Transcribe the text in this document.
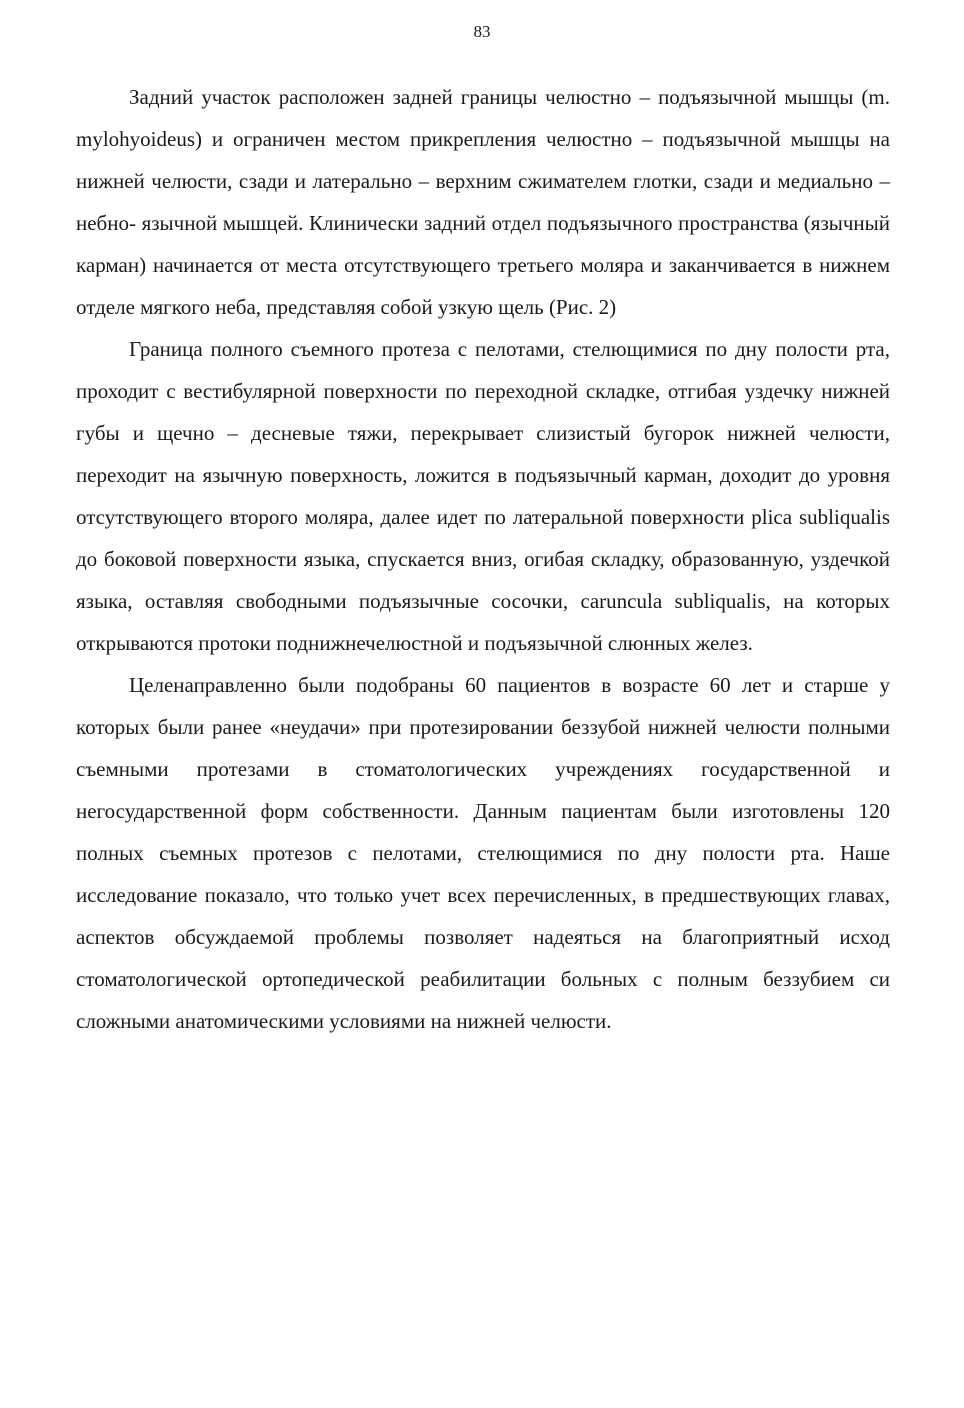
83

Задний участок расположен задней границы челюстно – подъязычной мышцы (m. mylohyoideus) и ограничен местом прикрепления челюстно – подъязычной мышцы на нижней челюсти, сзади и латерально – верхним сжимателем глотки, сзади и медиально – небно- язычной мышцей. Клинически задний отдел подъязычного пространства (язычный карман) начинается от места отсутствующего третьего моляра и заканчивается в нижнем отделе мягкого неба, представляя собой узкую щель (Рис. 2)

Граница полного съемного протеза с пелотами, стелющимися по дну полости рта, проходит с вестибулярной поверхности по переходной складке, отгибая уздечку нижней губы и щечно – десневые тяжи, перекрывает слизистый бугорок нижней челюсти, переходит на язычную поверхность, ложится в подъязычный карман, доходит до уровня отсутствующего второго моляра, далее идет по латеральной поверхности plica subliqualis до боковой поверхности языка, спускается вниз, огибая складку, образованную, уздечкой языка, оставляя свободными подъязычные сосочки, caruncula subliqualis, на которых открываются протоки поднижнечелюстной и подъязычной слюнных желез.

Целенаправленно были подобраны 60 пациентов в возрасте 60 лет и старше у которых были ранее «неудачи» при протезировании беззубой нижней челюсти полными съемными протезами в стоматологических учреждениях государственной и негосударственной форм собственности. Данным пациентам были изготовлены 120 полных съемных протезов с пелотами, стелющимися по дну полости рта. Наше исследование показало, что только учет всех перечисленных, в предшествующих главах, аспектов обсуждаемой проблемы позволяет надеяться на благоприятный исход стоматологической ортопедической реабилитации больных с полным беззубием си сложными анатомическими условиями на нижней челюсти.
